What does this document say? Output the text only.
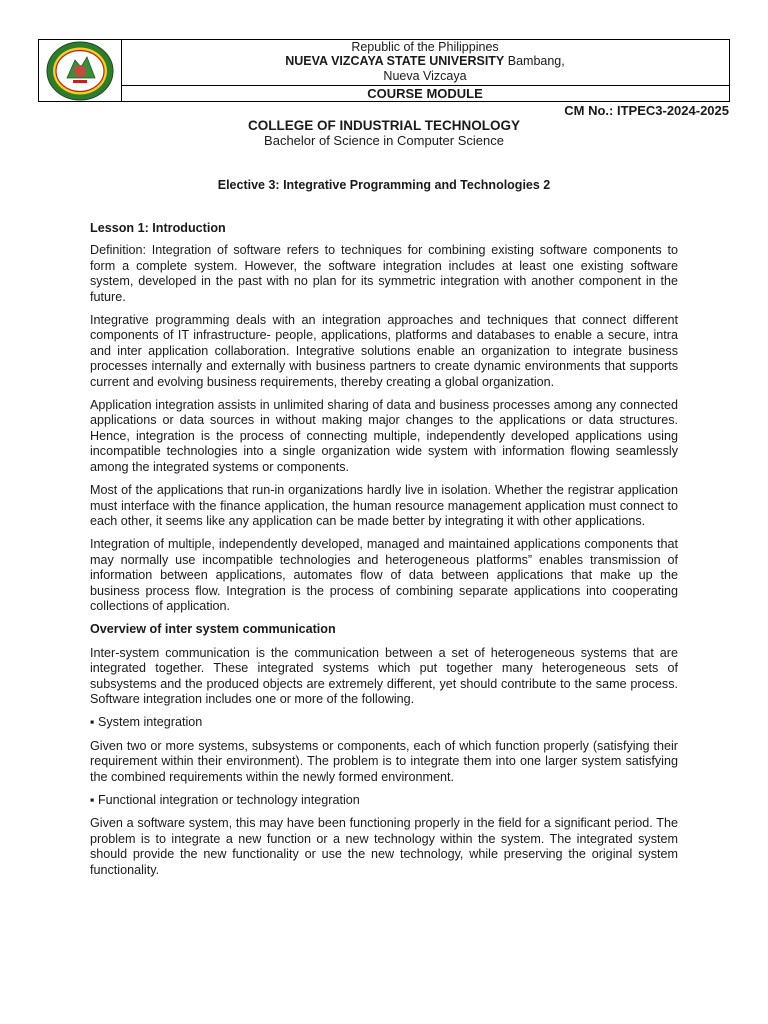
Republic of the Philippines
NUEVA VIZCAYA STATE UNIVERSITY Bambang,
Nueva Vizcaya
COURSE MODULE
CM No.: ITPEC3-2024-2025
COLLEGE OF INDUSTRIAL TECHNOLOGY
Bachelor of Science in Computer Science
Elective 3: Integrative Programming and Technologies 2

Lesson 1: Introduction

Definition: Integration of software refers to techniques for combining existing software components to form a complete system. However, the software integration includes at least one existing software system, developed in the past with no plan for its symmetric integration with another component in the future.

Integrative programming deals with an integration approaches and techniques that connect different components of IT infrastructure- people, applications, platforms and databases to enable a secure, intra and inter application collaboration. Integrative solutions enable an organization to integrate business processes internally and externally with business partners to create dynamic environments that supports current and evolving business requirements, thereby creating a global organization.

Application integration assists in unlimited sharing of data and business processes among any connected applications or data sources in without making major changes to the applications or data structures. Hence, integration is the process of connecting multiple, independently developed applications using incompatible technologies into a single organization wide system with information flowing seamlessly among the integrated systems or components.

Most of the applications that run-in organizations hardly live in isolation. Whether the registrar application must interface with the finance application, the human resource management application must connect to each other, it seems like any application can be made better by integrating it with other applications.

Integration of multiple, independently developed, managed and maintained applications components that may normally use incompatible technologies and heterogeneous platforms” enables transmission of information between applications, automates flow of data between applications that make up the business process flow. Integration is the process of combining separate applications into cooperating collections of application.

Overview of inter system communication

Inter-system communication is the communication between a set of heterogeneous systems that are integrated together. These integrated systems which put together many heterogeneous sets of subsystems and the produced objects are extremely different, yet should contribute to the same process. Software integration includes one or more of the following.

▪ System integration

Given two or more systems, subsystems or components, each of which function properly (satisfying their requirement within their environment). The problem is to integrate them into one larger system satisfying the combined requirements within the newly formed environment.

▪ Functional integration or technology integration

Given a software system, this may have been functioning properly in the field for a significant period. The problem is to integrate a new function or a new technology within the system. The integrated system should provide the new functionality or use the new technology, while preserving the original system functionality.
